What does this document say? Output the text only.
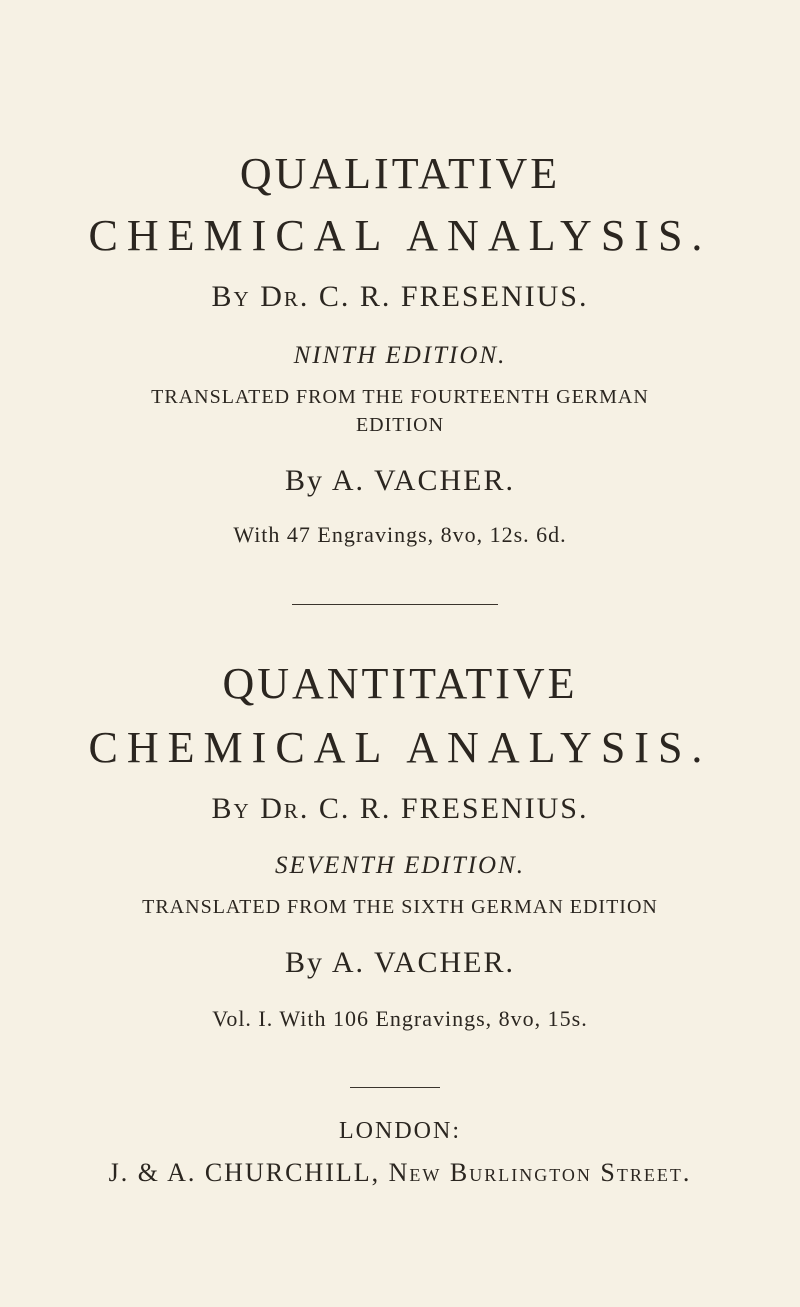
QUALITATIVE
CHEMICAL ANALYSIS.
By Dr. C. R. FRESENIUS.
NINTH EDITION.
TRANSLATED FROM THE FOURTEENTH GERMAN
EDITION
By A. VACHER.
With 47 Engravings, 8vo, 12s. 6d.
QUANTITATIVE
CHEMICAL ANALYSIS.
By Dr. C. R. FRESENIUS.
SEVENTH EDITION.
TRANSLATED FROM THE SIXTH GERMAN EDITION
By A. VACHER.
Vol. I. With 106 Engravings, 8vo, 15s.
LONDON:
J. & A. CHURCHILL, New Burlington Street.
